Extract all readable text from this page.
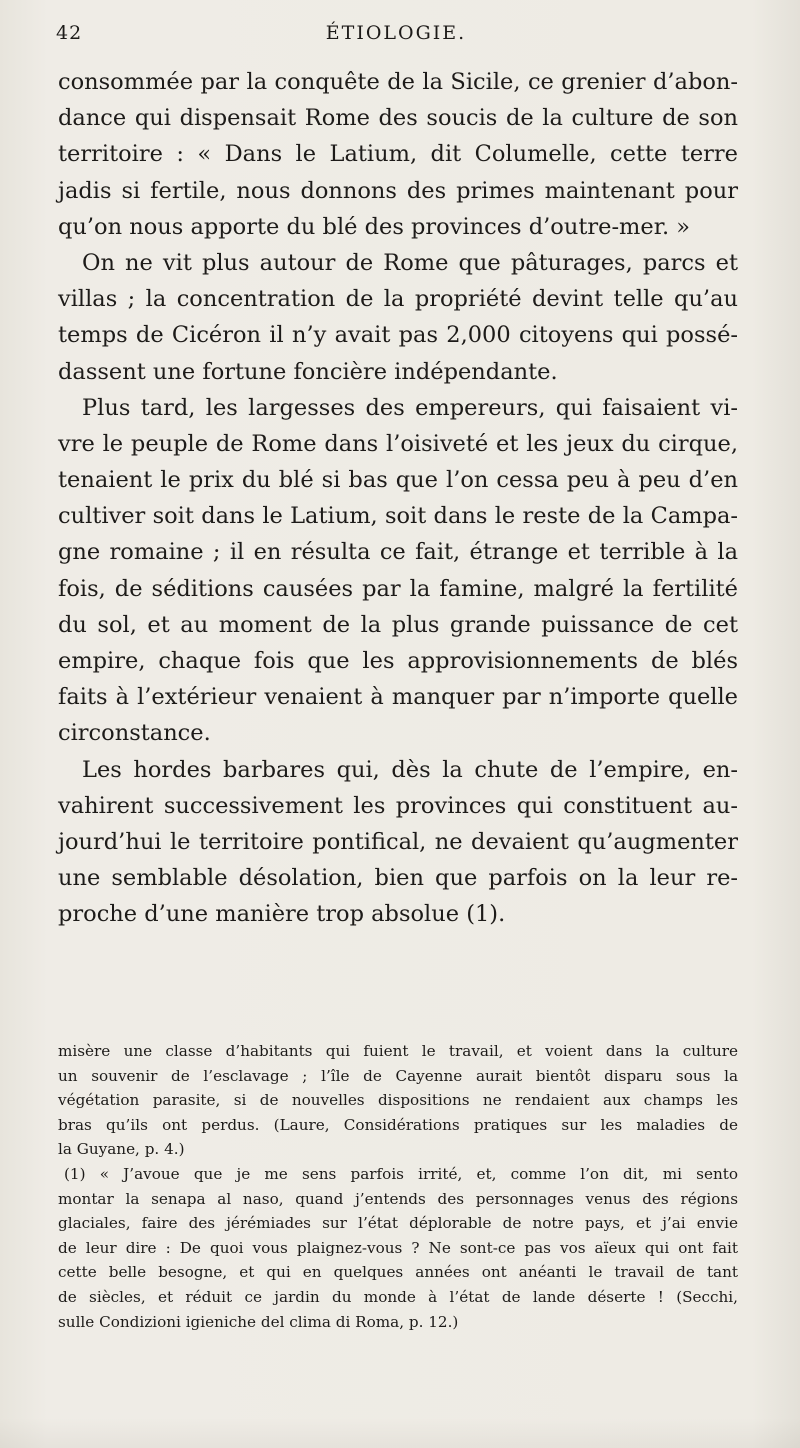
42	ÉTIOLOGIE.
consommée par la conquête de la Sicile, ce grenier d’abon-
dance qui dispensait Rome des soucis de la culture de son
territoire : « Dans le Latium, dit Columelle, cette terre
jadis si fertile, nous donnons des primes maintenant pour
qu’on nous apporte du blé des provinces d’outre-mer. »
On ne vit plus autour de Rome que pâturages, parcs et
villas ; la concentration de la propriété devint telle qu’au
temps de Cicéron il n’y avait pas 2,000 citoyens qui possé-
dassent une fortune foncière indépendante.
Plus tard, les largesses des empereurs, qui faisaient vi-
vre le peuple de Rome dans l’oisiveté et les jeux du cirque,
tenaient le prix du blé si bas que l’on cessa peu à peu d’en
cultiver soit dans le Latium, soit dans le reste de la Campa-
gne romaine ; il en résulta ce fait, étrange et terrible à la
fois, de séditions causées par la famine, malgré la fertilité
du sol, et au moment de la plus grande puissance de cet
empire, chaque fois que les approvisionnements de blés
faits à l’extérieur venaient à manquer par n’importe quelle
circonstance.
Les hordes barbares qui, dès la chute de l’empire, en-
vahirent successivement les provinces qui constituent au-
jourd’hui le territoire pontifical, ne devaient qu’augmenter
une semblable désolation, bien que parfois on la leur re-
proche d’une manière trop absolue (1).
misère une classe d’habitants qui fuient le travail, et voient dans la culture
un souvenir de l’esclavage ; l’île de Cayenne aurait bientôt disparu sous la
végétation parasite, si de nouvelles dispositions ne rendaient aux champs les
bras qu’ils ont perdus. (Laure, Considérations pratiques sur les maladies de
la Guyane, p. 4.)
(1) « J’avoue que je me sens parfois irrité, et, comme l’on dit, mi sento
montar la senapa al naso, quand j’entends des personnages venus des régions
glaciales, faire des jérémiades sur l’état déplorable de notre pays, et j’ai envie
de leur dire : De quoi vous plaignez-vous ? Ne sont-ce pas vos aïeux qui ont fait
cette belle besogne, et qui en quelques années ont anéanti le travail de tant
de siècles, et réduit ce jardin du monde à l’état de lande déserte ! (Secchi,
sulle Condizioni igieniche del clima di Roma, p. 12.)
